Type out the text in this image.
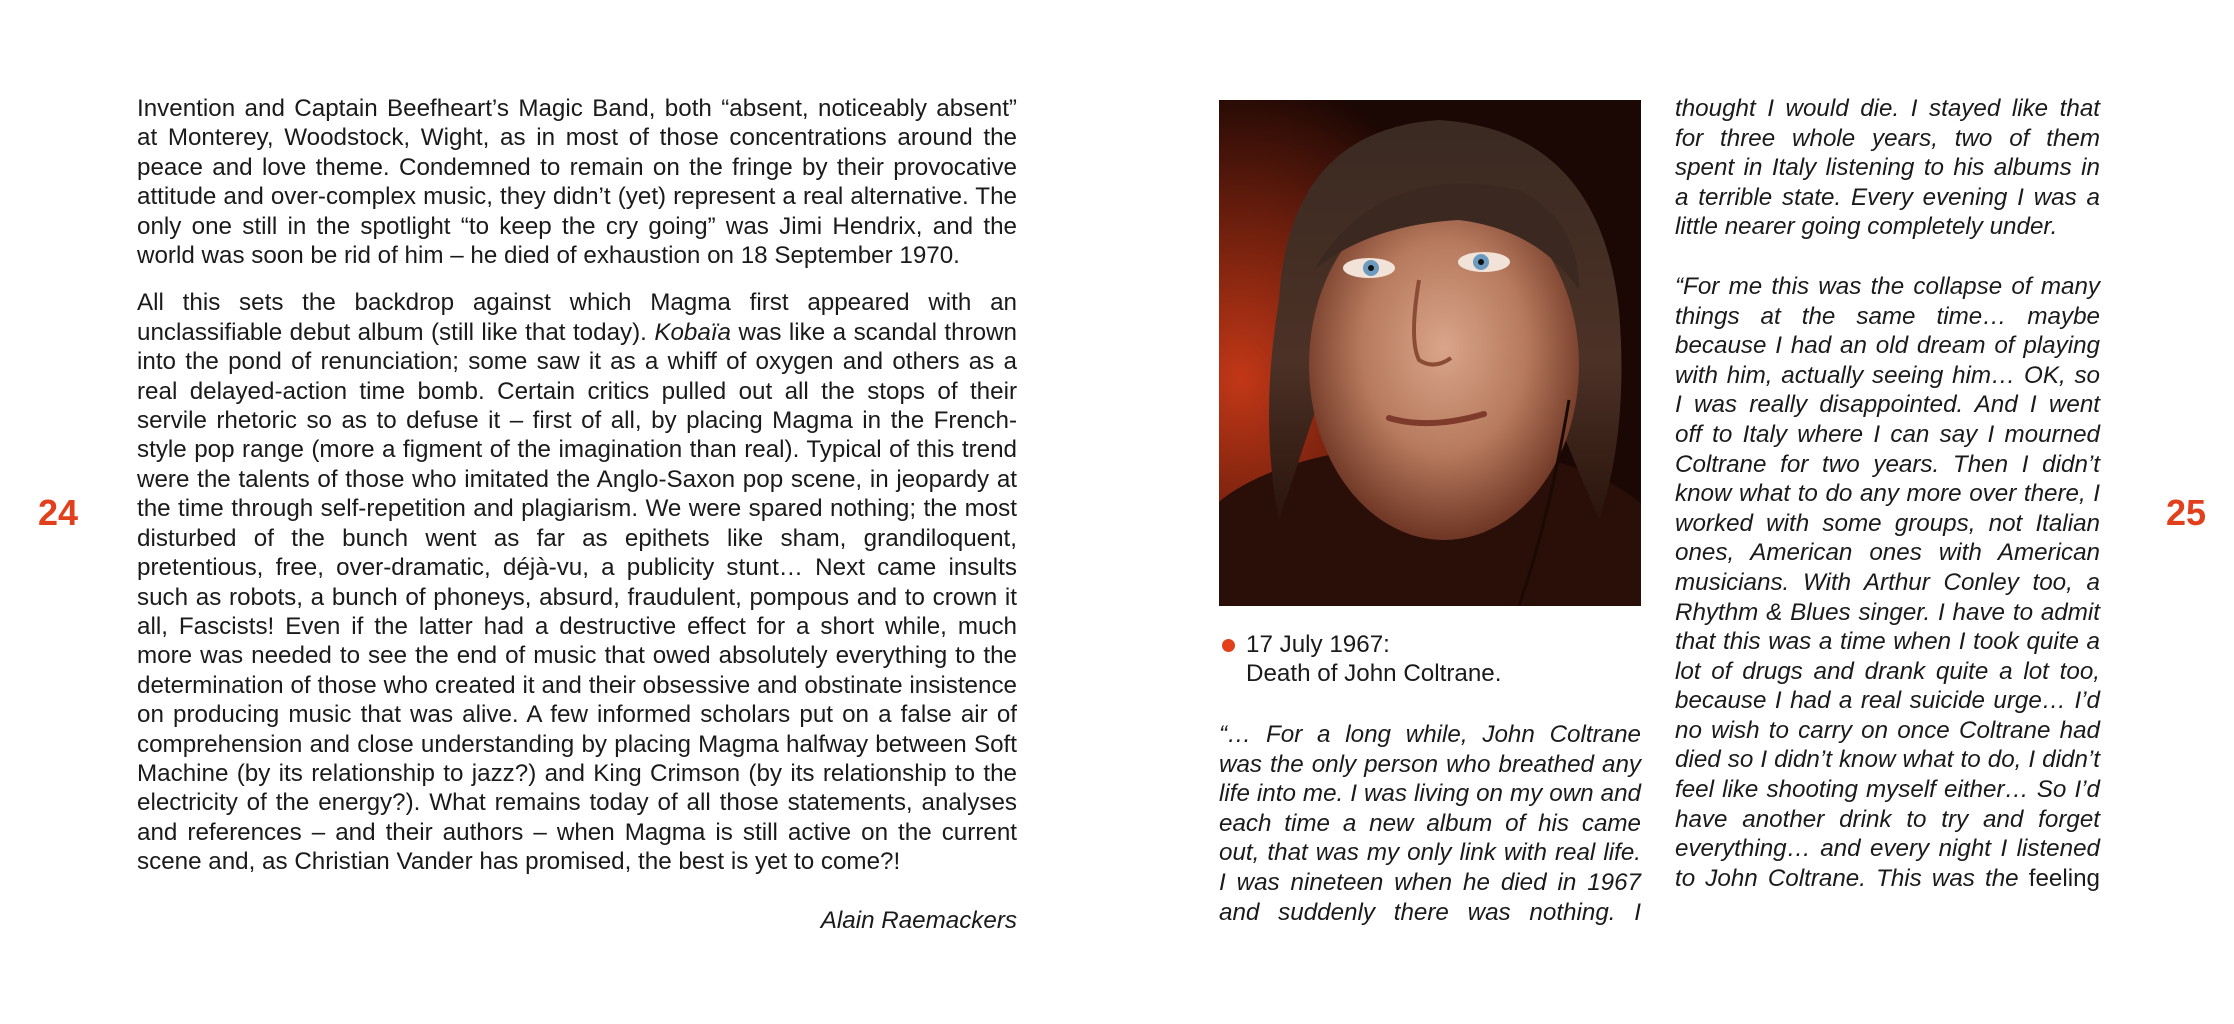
24	25

Invention and Captain Beefheart’s Magic Band, both “absent, noticeably absent” at Monterey, Woodstock, Wight, as in most of those concentrations around the peace and love theme. Condemned to remain on the fringe by their provocative attitude and over-complex music, they didn’t (yet) represent a real alternative. The only one still in the spotlight “to keep the cry going” was Jimi Hendrix, and the world was soon be rid of him – he died of exhaustion on 18 September 1970.

All this sets the backdrop against which Magma first appeared with an unclassifiable debut album (still like that today). Kobaïa was like a scandal thrown into the pond of renunciation; some saw it as a whiff of oxygen and others as a real delayed-action time bomb. Certain critics pulled out all the stops of their servile rhetoric so as to defuse it – first of all, by placing Magma in the French-style pop range (more a figment of the imagination than real). Typical of this trend were the talents of those who imitated the Anglo-Saxon pop scene, in jeopardy at the time through self-repetition and plagiarism. We were spared nothing; the most disturbed of the bunch went as far as epithets like sham, grandiloquent, pretentious, free, over-dramatic, déjà-vu, a publicity stunt… Next came insults such as robots, a bunch of phoneys, absurd, fraudulent, pompous and to crown it all, Fascists! Even if the latter had a destructive effect for a short while, much more was needed to see the end of music that owed absolutely everything to the determination of those who created it and their obsessive and obstinate insistence on producing music that was alive. A few informed scholars put on a false air of comprehension and close understanding by placing Magma halfway between Soft Machine (by its relationship to jazz?) and King Crimson (by its relationship to the electricity of the energy?). What remains today of all those statements, analyses and references – and their authors – when Magma is still active on the current scene and, as Christian Vander has promised, the best is yet to come?!

Alain Raemackers
17 July 1967:
Death of John Coltrane.
“… For a long while, John Coltrane was the only person who breathed any life into me. I was living on my own and each time a new album of his came out, that was my only link with real life. I was nineteen when he died in 1967 and suddenly there was nothing. I

thought I would die. I stayed like that for three whole years, two of them spent in Italy listening to his albums in a terrible state. Every evening I was a little nearer going completely under.

“For me this was the collapse of many things at the same time… maybe because I had an old dream of playing with him, actually seeing him… OK, so I was really disappointed. And I went off to Italy where I can say I mourned Coltrane for two years. Then I didn’t know what to do any more over there, I worked with some groups, not Italian ones, American ones with American musicians. With Arthur Conley too, a Rhythm & Blues singer. I have to admit that this was a time when I took quite a lot of drugs and drank quite a lot too, because I had a real suicide urge… I’d no wish to carry on once Coltrane had died so I didn’t know what to do, I didn’t feel like shooting myself either… So I’d have another drink to try and forget everything… and every night I listened to John Coltrane. This was the feeling
